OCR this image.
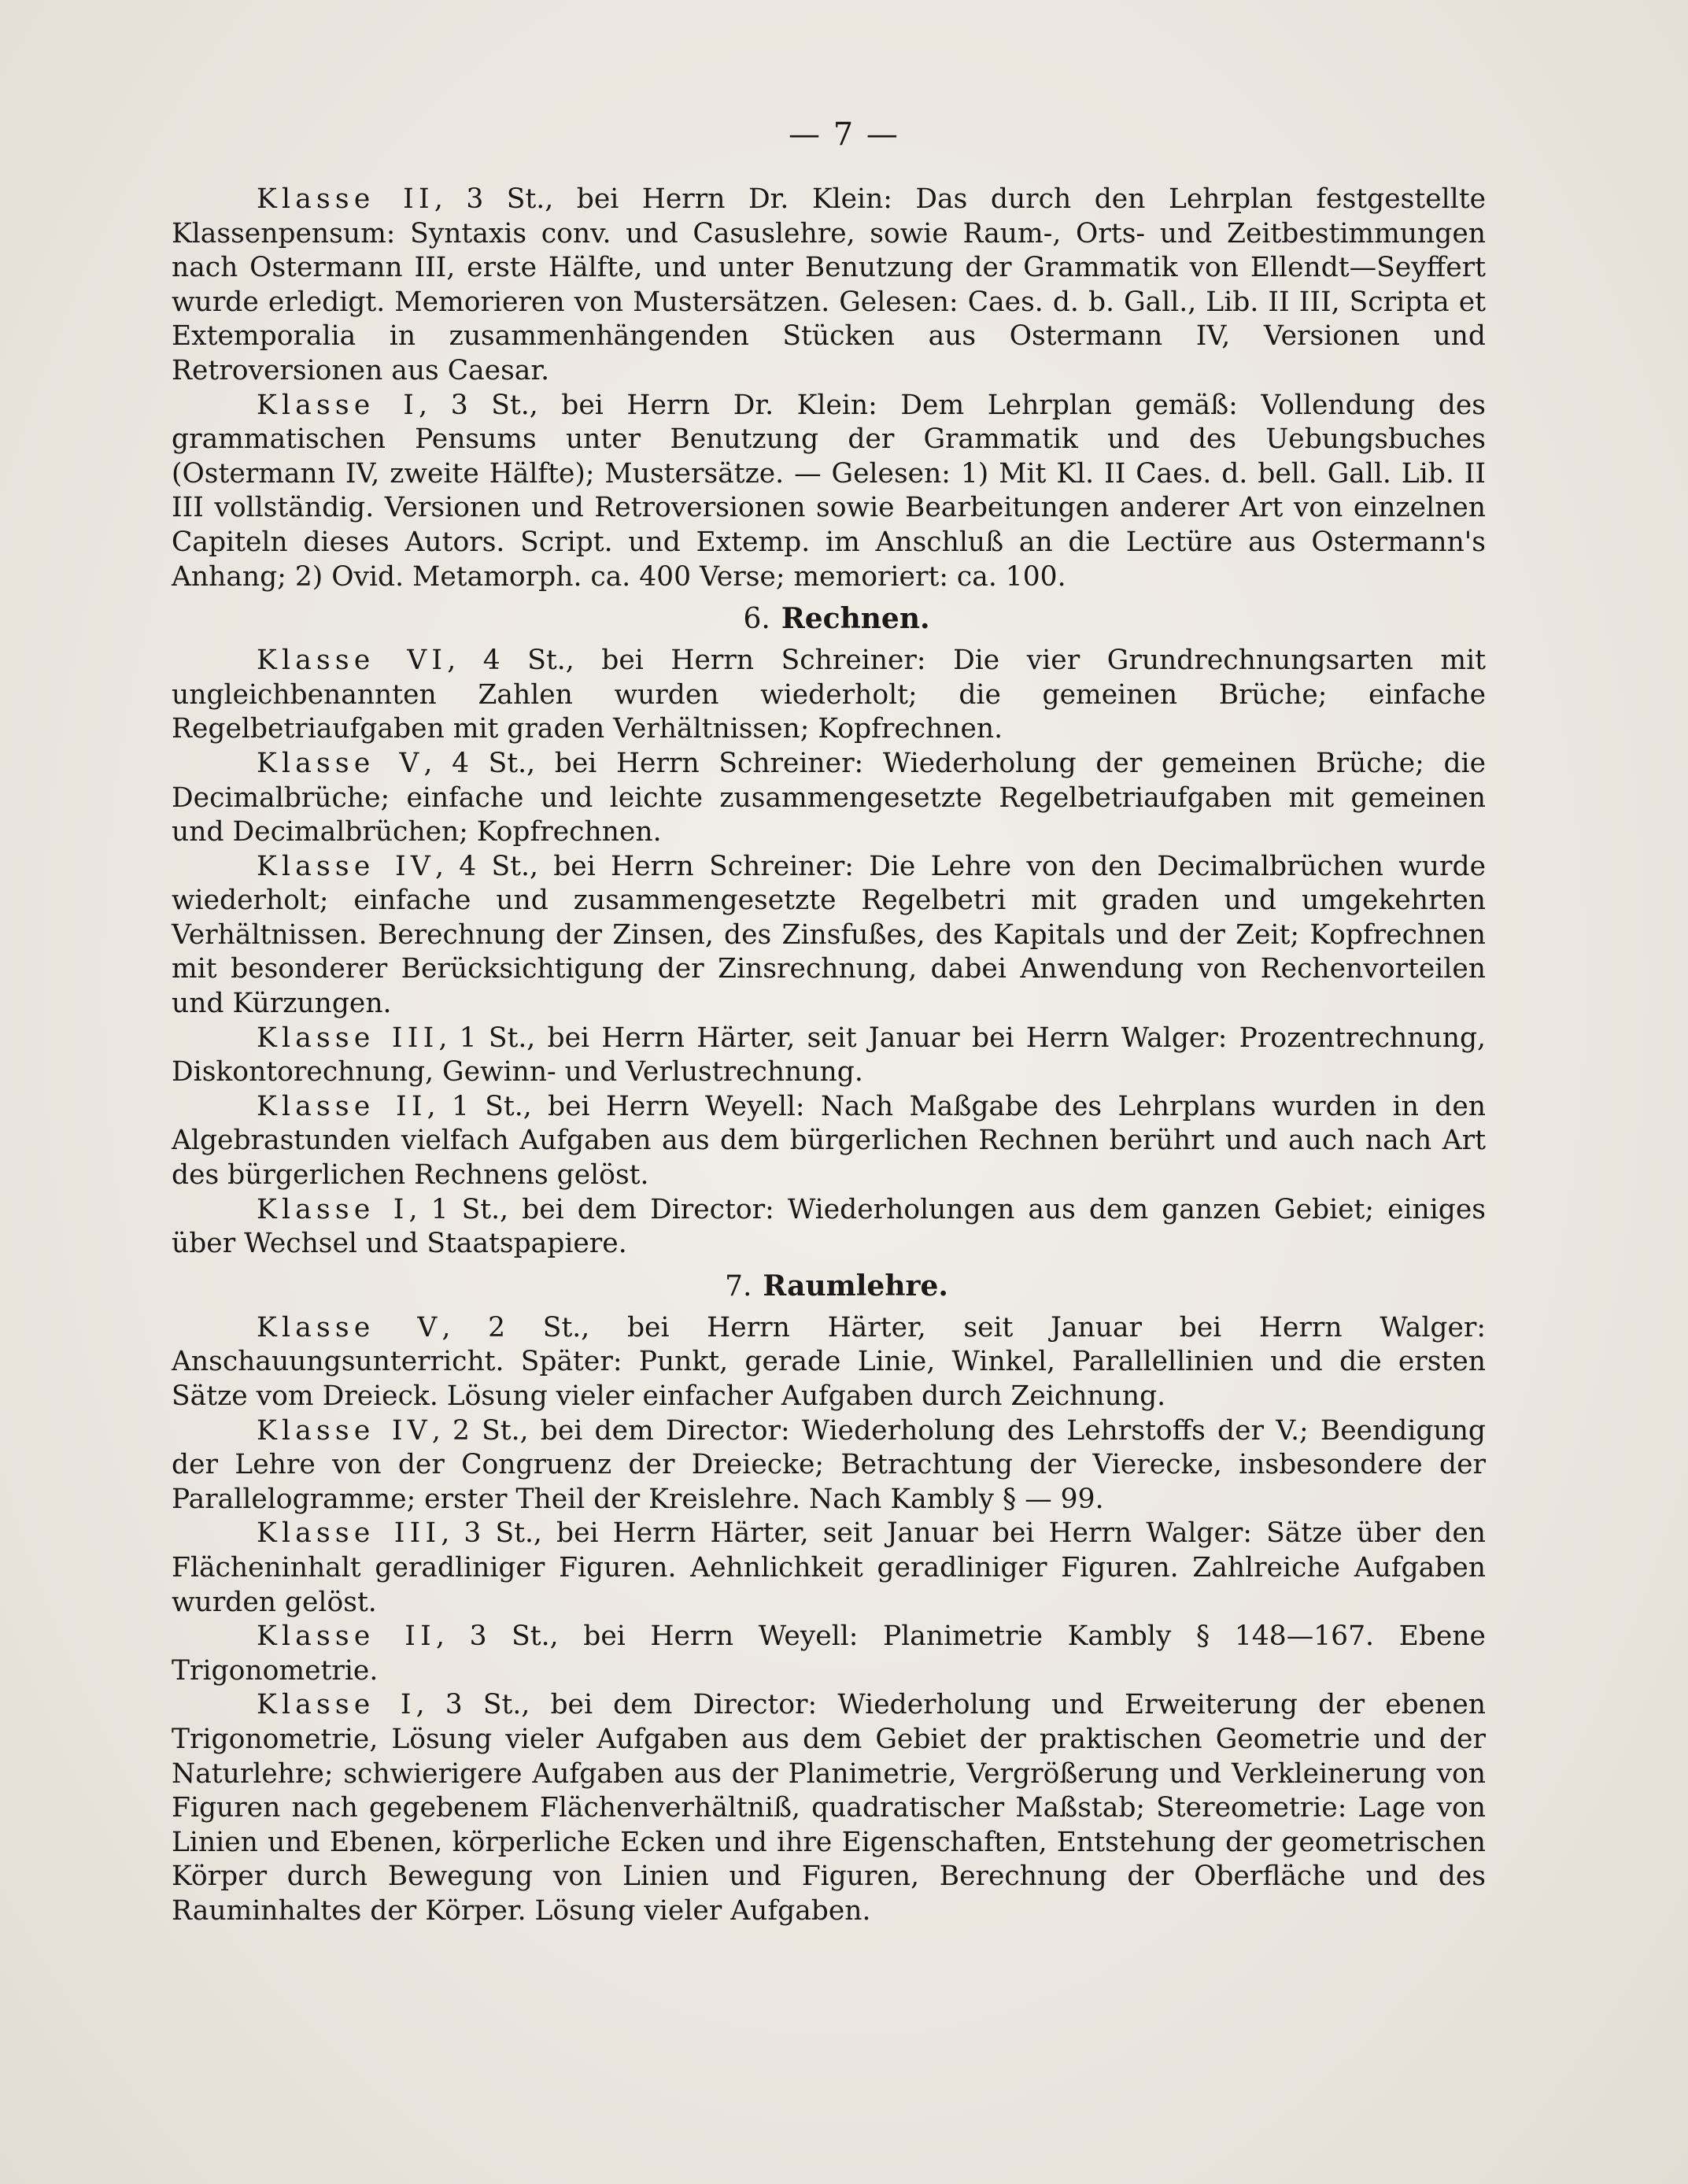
— 7 —

Klasse II, 3 St., bei Herrn Dr. Klein: Das durch den Lehrplan festgestellte Klassenpensum: Syntaxis conv. und Casuslehre, sowie Raum-, Orts- und Zeitbestimmungen nach Ostermann III, erste Hälfte, und unter Benutzung der Grammatik von Ellendt—Seyffert wurde erledigt. Memorieren von Mustersätzen. Gelesen: Caes. d. b. Gall., Lib. II III, Scripta et Extemporalia in zusammenhängenden Stücken aus Ostermann IV, Versionen und Retroversionen aus Caesar.

Klasse I, 3 St., bei Herrn Dr. Klein: Dem Lehrplan gemäß: Vollendung des grammatischen Pensums unter Benutzung der Grammatik und des Uebungsbuches (Ostermann IV, zweite Hälfte); Mustersätze. — Gelesen: 1) Mit Kl. II Caes. d. bell. Gall. Lib. II III vollständig. Versionen und Retroversionen sowie Bearbeitungen anderer Art von einzelnen Capiteln dieses Autors. Script. und Extemp. im Anschluß an die Lectüre aus Ostermann's Anhang; 2) Ovid. Metamorph. ca. 400 Verse; memoriert: ca. 100.

6. Rechnen.

Klasse VI, 4 St., bei Herrn Schreiner: Die vier Grundrechnungsarten mit ungleichbenannten Zahlen wurden wiederholt; die gemeinen Brüche; einfache Regelbetriaufgaben mit graden Verhältnissen; Kopfrechnen.

Klasse V, 4 St., bei Herrn Schreiner: Wiederholung der gemeinen Brüche; die Decimalbrüche; einfache und leichte zusammengesetzte Regelbetriaufgaben mit gemeinen und Decimalbrüchen; Kopfrechnen.

Klasse IV, 4 St., bei Herrn Schreiner: Die Lehre von den Decimalbrüchen wurde wiederholt; einfache und zusammengesetzte Regelbetri mit graden und umgekehrten Verhältnissen. Berechnung der Zinsen, des Zinsfußes, des Kapitals und der Zeit; Kopfrechnen mit besonderer Berücksichtigung der Zinsrechnung, dabei Anwendung von Rechenvorteilen und Kürzungen.

Klasse III, 1 St., bei Herrn Härter, seit Januar bei Herrn Walger: Prozentrechnung, Diskontorechnung, Gewinn- und Verlustrechnung.

Klasse II, 1 St., bei Herrn Weyell: Nach Maßgabe des Lehrplans wurden in den Algebrastunden vielfach Aufgaben aus dem bürgerlichen Rechnen berührt und auch nach Art des bürgerlichen Rechnens gelöst.

Klasse I, 1 St., bei dem Director: Wiederholungen aus dem ganzen Gebiet; einiges über Wechsel und Staatspapiere.

7. Raumlehre.

Klasse V, 2 St., bei Herrn Härter, seit Januar bei Herrn Walger: Anschauungsunterricht. Später: Punkt, gerade Linie, Winkel, Parallellinien und die ersten Sätze vom Dreieck. Lösung vieler einfacher Aufgaben durch Zeichnung.

Klasse IV, 2 St., bei dem Director: Wiederholung des Lehrstoffs der V.; Beendigung der Lehre von der Congruenz der Dreiecke; Betrachtung der Vierecke, insbesondere der Parallelogramme; erster Theil der Kreislehre. Nach Kambly § — 99.

Klasse III, 3 St., bei Herrn Härter, seit Januar bei Herrn Walger: Sätze über den Flächeninhalt geradliniger Figuren. Aehnlichkeit geradliniger Figuren. Zahlreiche Aufgaben wurden gelöst.

Klasse II, 3 St., bei Herrn Weyell: Planimetrie Kambly § 148—167. Ebene Trigonometrie.

Klasse I, 3 St., bei dem Director: Wiederholung und Erweiterung der ebenen Trigonometrie, Lösung vieler Aufgaben aus dem Gebiet der praktischen Geometrie und der Naturlehre; schwierigere Aufgaben aus der Planimetrie, Vergrößerung und Verkleinerung von Figuren nach gegebenem Flächenverhältniß, quadratischer Maßstab; Stereometrie: Lage von Linien und Ebenen, körperliche Ecken und ihre Eigenschaften, Entstehung der geometrischen Körper durch Bewegung von Linien und Figuren, Berechnung der Oberfläche und des Rauminhaltes der Körper. Lösung vieler Aufgaben.
